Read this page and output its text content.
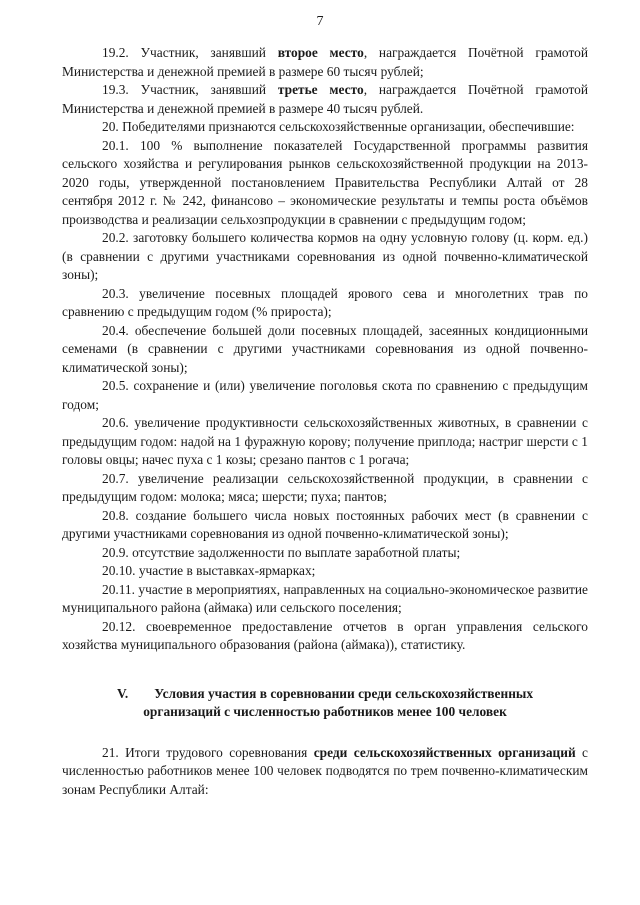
7

19.2. Участник, занявший второе место, награждается Почётной грамотой Министерства и денежной премией в размере 60 тысяч рублей;

19.3. Участник, занявший третье место, награждается Почётной грамотой Министерства и денежной премией в размере 40 тысяч рублей.

20. Победителями признаются сельскохозяйственные организации, обеспечившие:

20.1. 100 % выполнение показателей Государственной программы развития сельского хозяйства и регулирования рынков сельскохозяйственной продукции на 2013-2020 годы, утвержденной постановлением Правительства Республики Алтай от 28 сентября 2012 г. № 242, финансово – экономические результаты и темпы роста объёмов производства и реализации сельхозпродукции в сравнении с предыдущим годом;

20.2. заготовку большего количества кормов на одну условную голову (ц. корм. ед.) (в сравнении с другими участниками соревнования из одной почвенно-климатической зоны);

20.3. увеличение посевных площадей ярового сева и многолетних трав по сравнению с предыдущим годом (% прироста);

20.4. обеспечение большей доли посевных площадей, засеянных кондиционными семенами (в сравнении с другими участниками соревнования из одной почвенно-климатической зоны);

20.5. сохранение и (или) увеличение поголовья скота по сравнению с предыдущим годом;

20.6. увеличение продуктивности сельскохозяйственных животных, в сравнении с предыдущим годом: надой на 1 фуражную корову; получение приплода; настриг шерсти с 1 головы овцы; начес пуха с 1 козы; срезано пантов с 1 рогача;

20.7. увеличение реализации сельскохозяйственной продукции, в сравнении с предыдущим годом: молока; мяса; шерсти; пуха; пантов;

20.8. создание большего числа новых постоянных рабочих мест (в сравнении с другими участниками соревнования из одной почвенно-климатической зоны);

20.9. отсутствие задолженности по выплате заработной платы;

20.10. участие в выставках-ярмарках;

20.11. участие в мероприятиях, направленных на социально-экономическое развитие муниципального района (аймака) или сельского поселения;

20.12. своевременное предоставление отчетов в орган управления сельского хозяйства муниципального образования (района (аймака)), статистику.

V. Условия участия в соревновании среди сельскохозяйственных
организаций с численностью работников менее 100 человек

21. Итоги трудового соревнования среди сельскохозяйственных организаций с численностью работников менее 100 человек подводятся по трем почвенно-климатическим зонам Республики Алтай:
